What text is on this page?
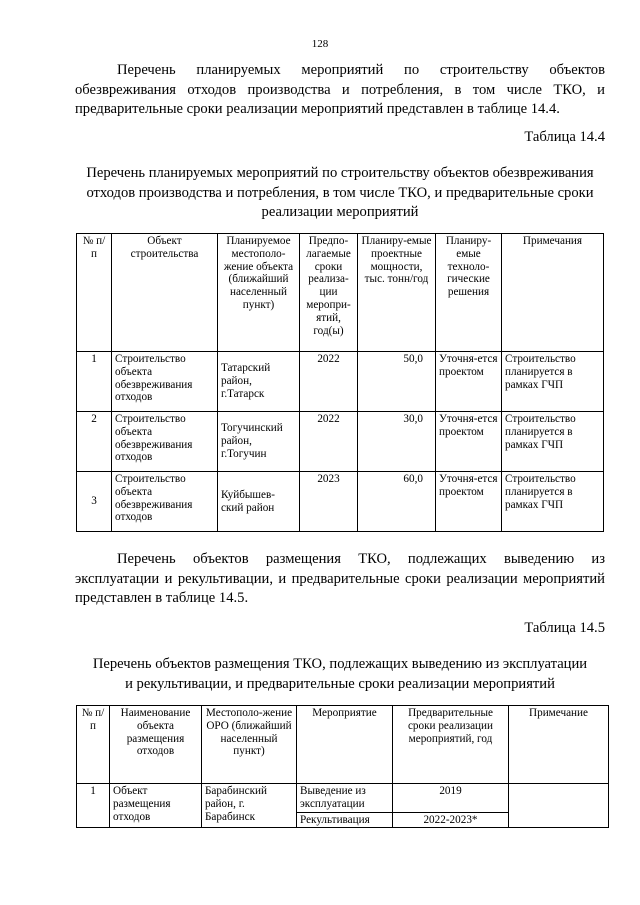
128
Перечень планируемых мероприятий по строительству объектов
обезвреживания отходов производства и потребления, в том числе ТКО, и
предварительные сроки реализации мероприятий представлен в таблице 14.4.
Таблица 14.4
Перечень планируемых мероприятий по строительству объектов обезвреживания
отходов производства и потребления, в том числе ТКО, и предварительные сроки
реализации мероприятий
№ п/п	Объект строительства	Планируемое местополо-жение объекта (ближайший населенный пункт)	Предпо-лагаемые сроки реализа-ции меропри-ятий, год(ы)	Планиру-емые проектные мощности, тыс. тонн/год	Планиру-емые техноло-гические решения	Примечания
1	Строительство объекта обезвреживания отходов	Татарский район, г.Татарск	2022	50,0	Уточня-ется проектом	Строительство планируется в рамках ГЧП
2	Строительство объекта обезвреживания отходов	Тогучинский район, г.Тогучин	2022	30,0	Уточня-ется проектом	Строительство планируется в рамках ГЧП
3	Строительство объекта обезвреживания отходов	Куйбышев-ский район	2023	60,0	Уточня-ется проектом	Строительство планируется в рамках ГЧП
Перечень объектов размещения ТКО, подлежащих выведению из
эксплуатации и рекультивации, и предварительные сроки реализации мероприятий
представлен в таблице 14.5.
Таблица 14.5
Перечень объектов размещения ТКО, подлежащих выведению из эксплуатации
и рекультивации, и предварительные сроки реализации мероприятий
№ п/п	Наименование объекта размещения отходов	Местополо-жение ОРО (ближайший населенный пункт)	Мероприятие	Предварительные сроки реализации мероприятий, год	Примечание
1	Объект размещения отходов	Барабинский район, г. Барабинск	Выведение из эксплуатации	2019	
			Рекультивация	2022-2023*	
